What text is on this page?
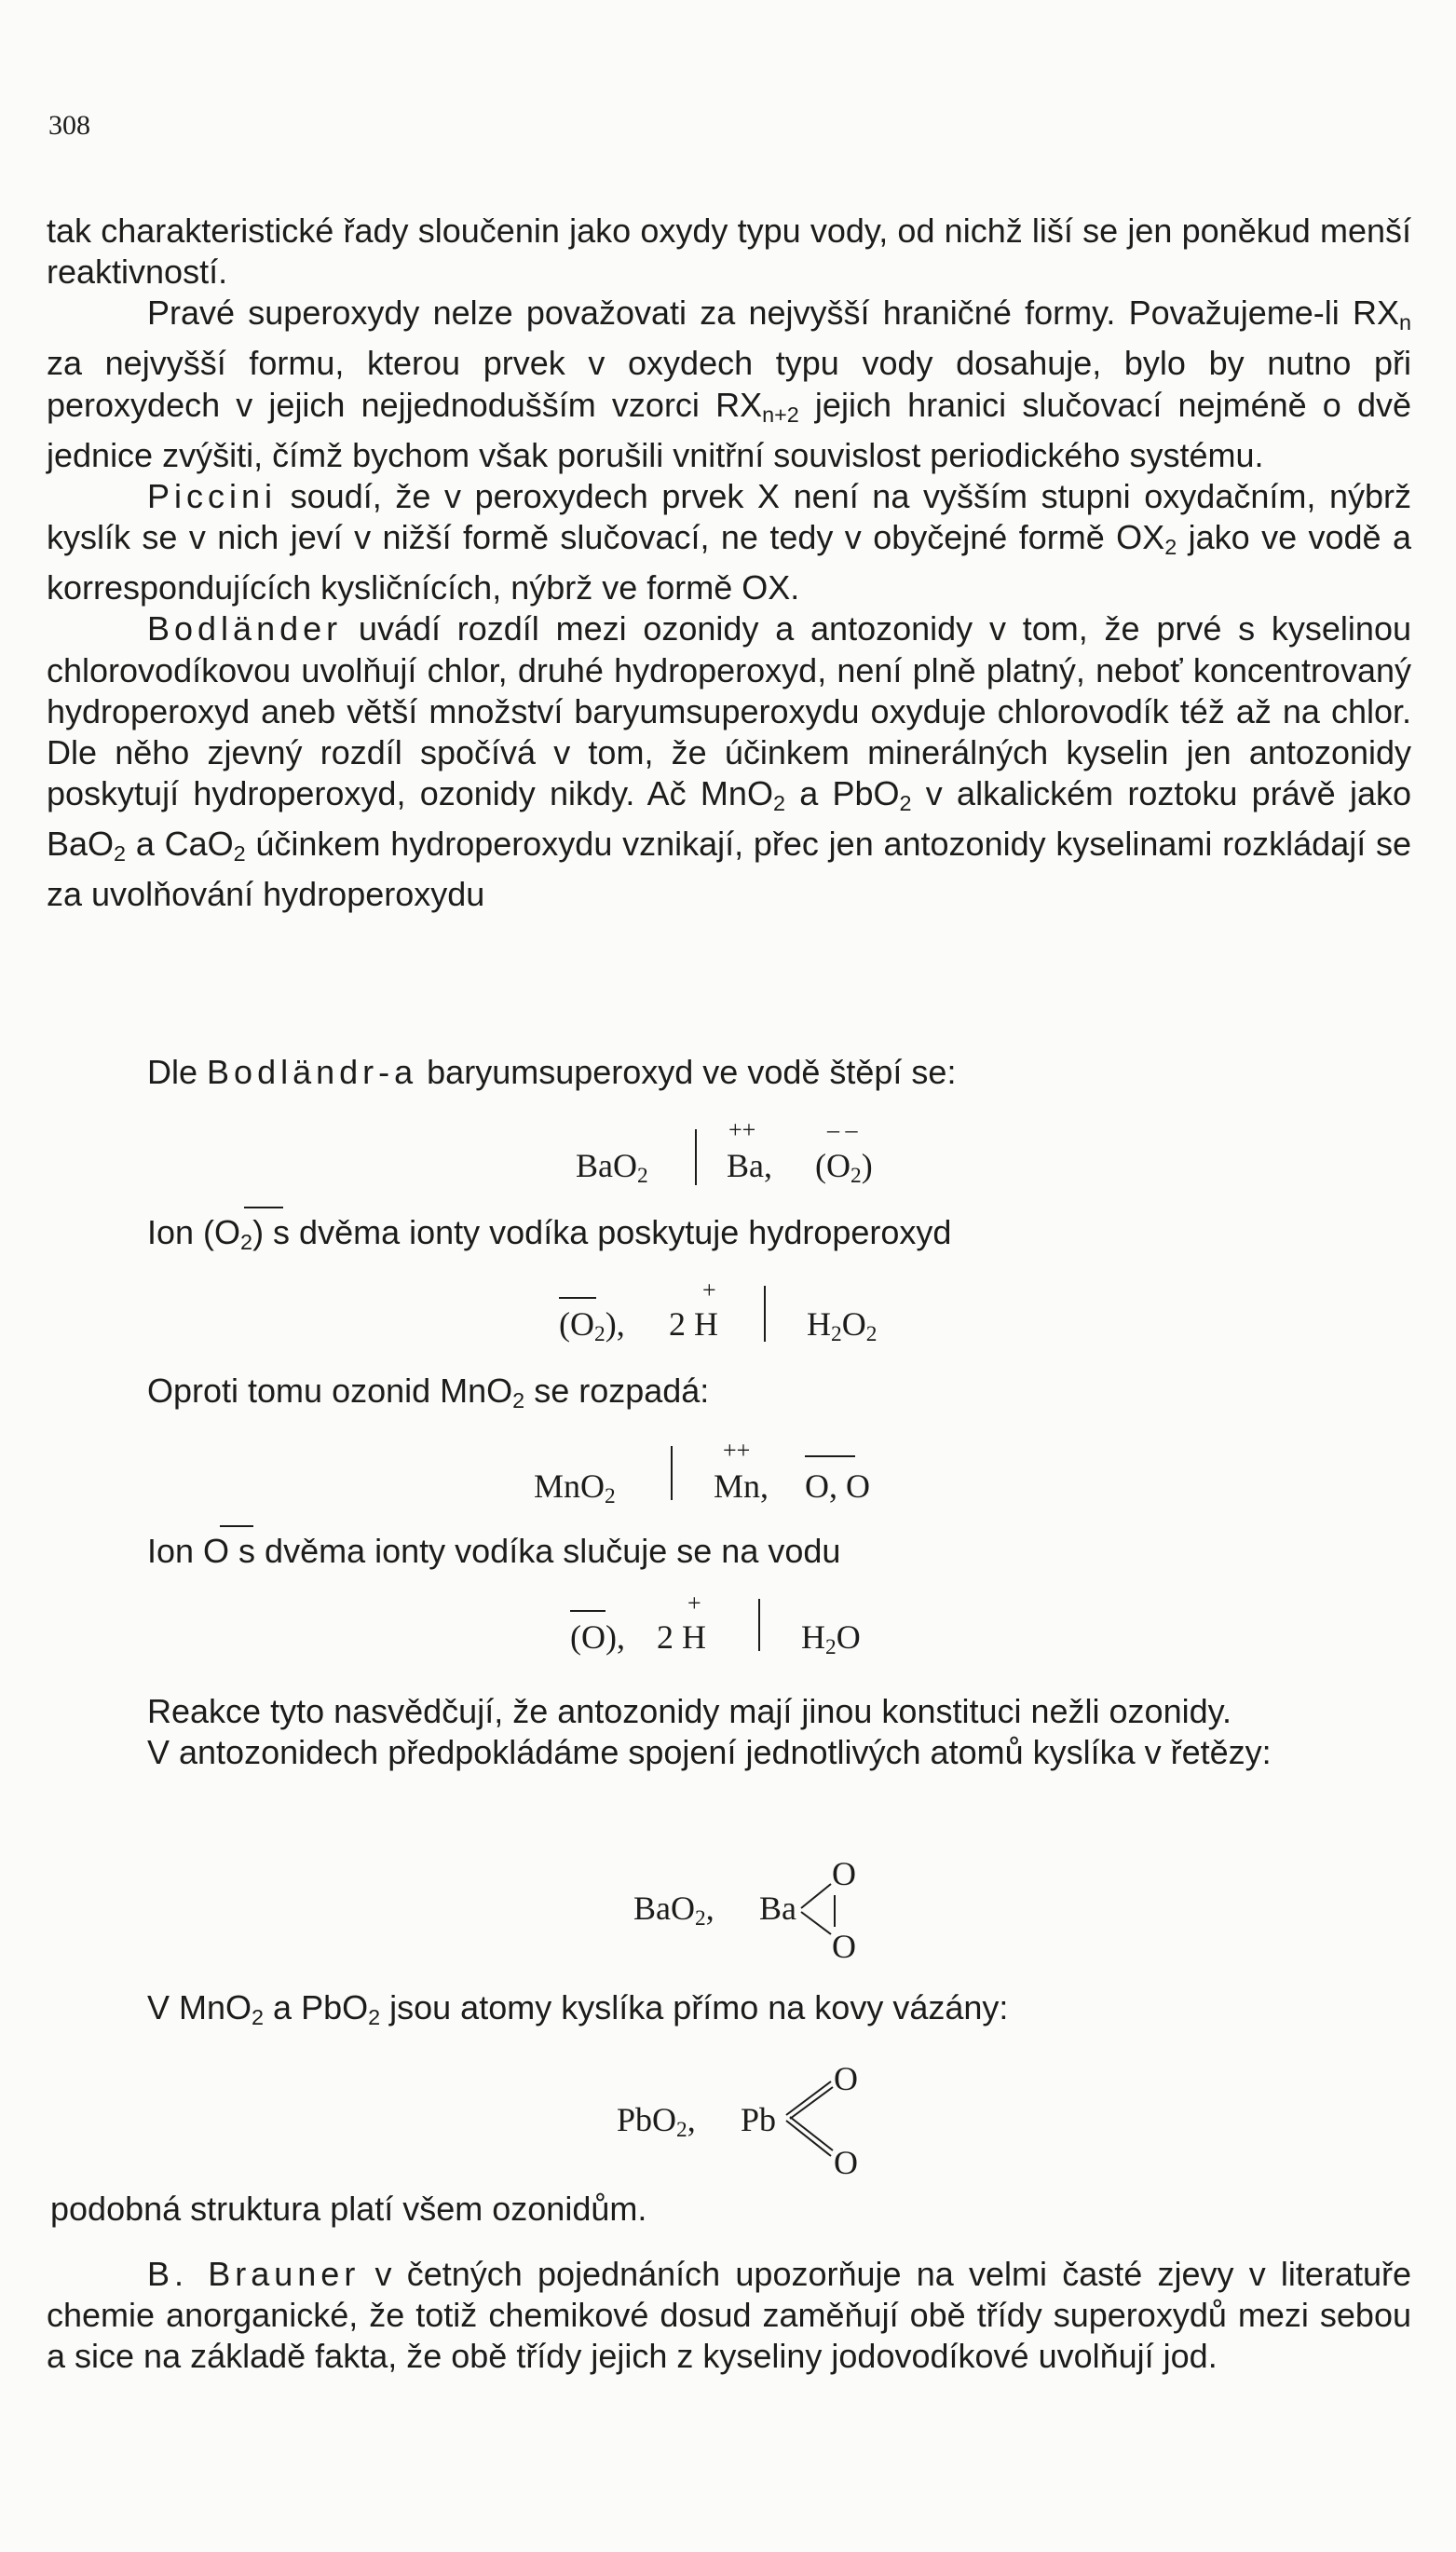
308

tak charakteristické řady sloučenin jako oxydy typu vody, od nichž liší se jen poněkud menší reaktivností.

Pravé superoxydy nelze považovati za nejvyšší hraničné formy. Považujeme-li $RX_n$ za nejvyšší formu, kterou prvek v oxydech typu vody dosahuje, bylo by nutno při peroxydech v jejich nejjednodušším vzorci $RX_{n+2}$ jejich hranici slučovací nejméně o dvě jednice zvýšiti, čímž bychom však porušili vnitřní souvislost periodického systému.

Piccini soudí, že v peroxydech prvek X není na vyšším stupni oxydačním, nýbrž kyslík se v nich jeví v nižší formě slučovací, ne tedy v obyčejné formě $OX_2$ jako ve vodě a korrespondujících kysličnících, nýbrž ve formě OX.

Bodländer uvádí rozdíl mezi ozonidy a antozonidy v tom, že prvé s kyselinou chlorovodíkovou uvolňují chlor, druhé hydroperoxyd, není plně platný, neboť koncentrovaný hydroperoxyd aneb větší množství baryumsuperoxydu oxyduje chlorovodík též až na chlor. Dle něho zjevný rozdíl spočívá v tom, že účinkem minerálných kyselin jen antozonidy poskytují hydroperoxyd, ozonidy nikdy. Ač MnO$_2$ a PbO$_2$ v alkalickém roztoku právě jako BaO$_2$ a CaO$_2$ účinkem hydroperoxydu vznikají, přec jen antozonidy kyselinami rozkládají se za uvolňování hydroperoxydu

Dle Bodländr-a baryumsuperoxyd ve vodě štěpí se:
BaO$_2$
++
Ba,
– –
$(O_2)$
Ion $(O_2)$ s dvěma ionty vodíka poskytuje hydroperoxyd
$(O_2)$,
+
2 H	$H_2O_2$
Oproti tomu ozonid MnO$_2$ se rozpadá:
MnO$_2$
++
Mn, O, O
Ion O s dvěma ionty vodíka slučuje se na vodu
(O),
+
2 H	$H_2O$

Reakce tyto nasvědčují, že antozonidy mají jinou konstituci nežli ozonidy.

V antozonidech předpokládáme spojení jednotlivých atomů kyslíka v řetězy:

BaO$_2$, Ba
O
O
V MnO$_2$ a PbO$_2$ jsou atomy kyslíka přímo na kovy vázány:
PbO$_2$, Pb
O
O
podobná struktura platí všem ozonidům.

B. Brauner v četných pojednáních upozorňuje na velmi časté zjevy v literatuře chemie anorganické, že totiž chemikové dosud zaměňují obě třídy superoxydů mezi sebou a sice na základě fakta, že obě třídy jejich z kyseliny jodovodíkové uvolňují jod.
